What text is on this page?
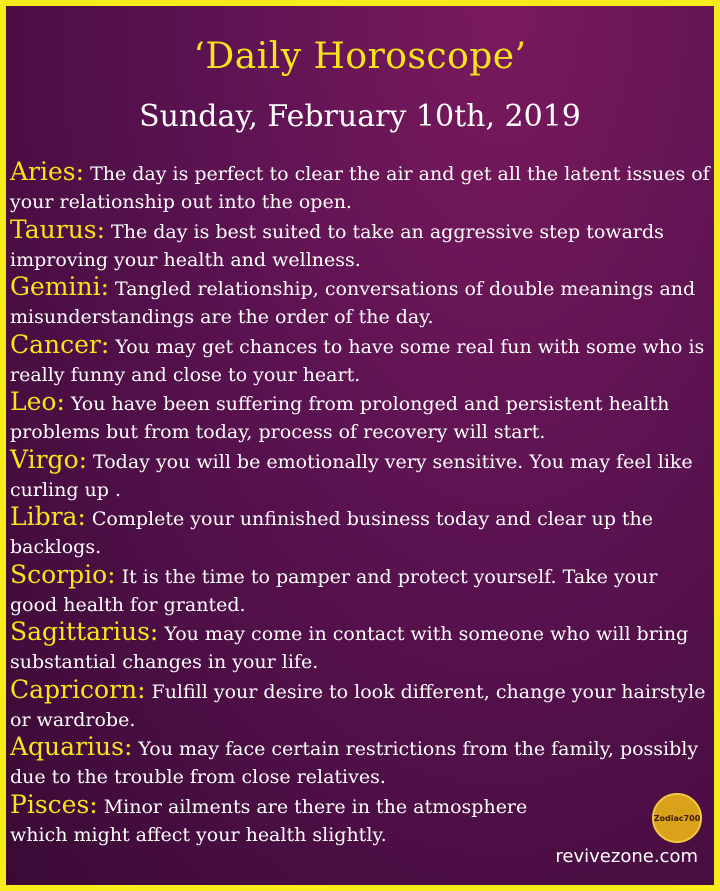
‘Daily Horoscope’
Sunday, February 10th, 2019
Aries: The day is perfect to clear the air and get all the latent issues of your relationship out into the open.
Taurus: The day is best suited to take an aggressive step towards improving your health and wellness.
Gemini: Tangled relationship, conversations of double meanings and misunderstandings are the order of the day.
Cancer: You may get chances to have some real fun with some who is really funny and close to your heart.
Leo: You have been suffering from prolonged and persistent health problems but from today, process of recovery will start.
Virgo: Today you will be emotionally very sensitive. You may feel like curling up .
Libra: Complete your unfinished business today and clear up the backlogs.
Scorpio: It is the time to pamper and protect yourself. Take your good health for granted.
Sagittarius: You may come in contact with someone who will bring substantial changes in your life.
Capricorn: Fulfill your desire to look different, change your hairstyle or wardrobe.
Aquarius: You may face certain restrictions from the family, possibly due to the trouble from close relatives.
Pisces: Minor ailments are there in the atmosphere which might affect your health slightly.
Zodiac700
revivezone.com
